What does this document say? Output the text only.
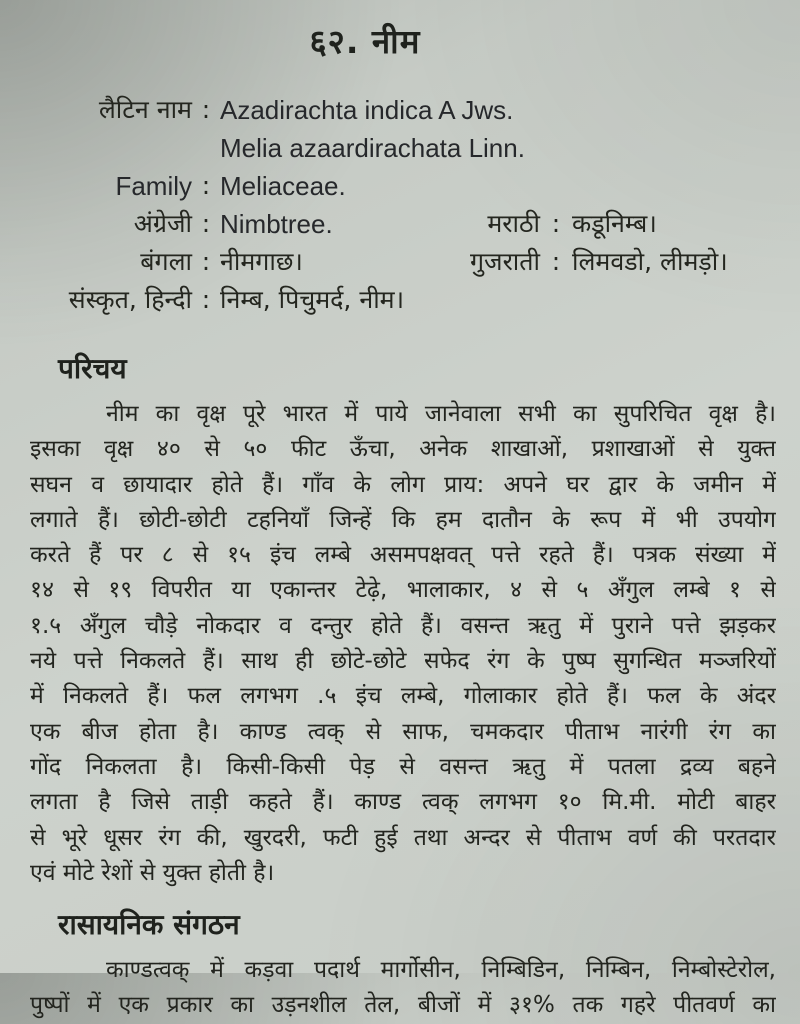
६२. नीम
लैटिन नाम : Azadirachta indica A Jws.
Melia azaardirachata Linn.
Family : Meliaceae.
अंग्रेजी : Nimbtree.	मराठी : कडूनिम्ब।
बंगला : नीमगाछ।	गुजराती : लिमवडो, लीमड़ो।
संस्कृत, हिन्दी : निम्ब, पिचुमर्द, नीम।
परिचय
नीम का वृक्ष पूरे भारत में पाये जानेवाला सभी का सुपरिचित वृक्ष है।
इसका वृक्ष ४० से ५० फीट ऊँचा, अनेक शाखाओं, प्रशाखाओं से युक्त
सघन व छायादार होते हैं। गाँव के लोग प्राय: अपने घर द्वार के जमीन में
लगाते हैं। छोटी-छोटी टहनियाँ जिन्हें कि हम दातौन के रूप में भी उपयोग
करते हैं पर ८ से १५ इंच लम्बे असमपक्षवत् पत्ते रहते हैं। पत्रक संख्या में
१४ से १९ विपरीत या एकान्तर टेढ़े, भालाकार, ४ से ५ अँगुल लम्बे १ से
१.५ अँगुल चौड़े नोकदार व दन्तुर होते हैं। वसन्त ऋतु में पुराने पत्ते झड़कर
नये पत्ते निकलते हैं। साथ ही छोटे-छोटे सफेद रंग के पुष्प सुगन्धित मञ्जरियों
में निकलते हैं। फल लगभग .५ इंच लम्बे, गोलाकार होते हैं। फल के अंदर
एक बीज होता है। काण्ड त्वक् से साफ, चमकदार पीताभ नारंगी रंग का
गोंद निकलता है। किसी-किसी पेड़ से वसन्त ऋतु में पतला द्रव्य बहने
लगता है जिसे ताड़ी कहते हैं। काण्ड त्वक् लगभग १० मि.मी. मोटी बाहर
से भूरे धूसर रंग की, खुरदरी, फटी हुई तथा अन्दर से पीताभ वर्ण की परतदार
एवं मोटे रेशों से युक्त होती है।
रासायनिक संगठन
काण्डत्वक् में कड़वा पदार्थ मार्गोसीन, निम्बिडिन, निम्बिन, निम्बोस्टेरोल,
पुष्पों में एक प्रकार का उड़नशील तेल, बीजों में ३१% तक गहरे पीतवर्ण का
